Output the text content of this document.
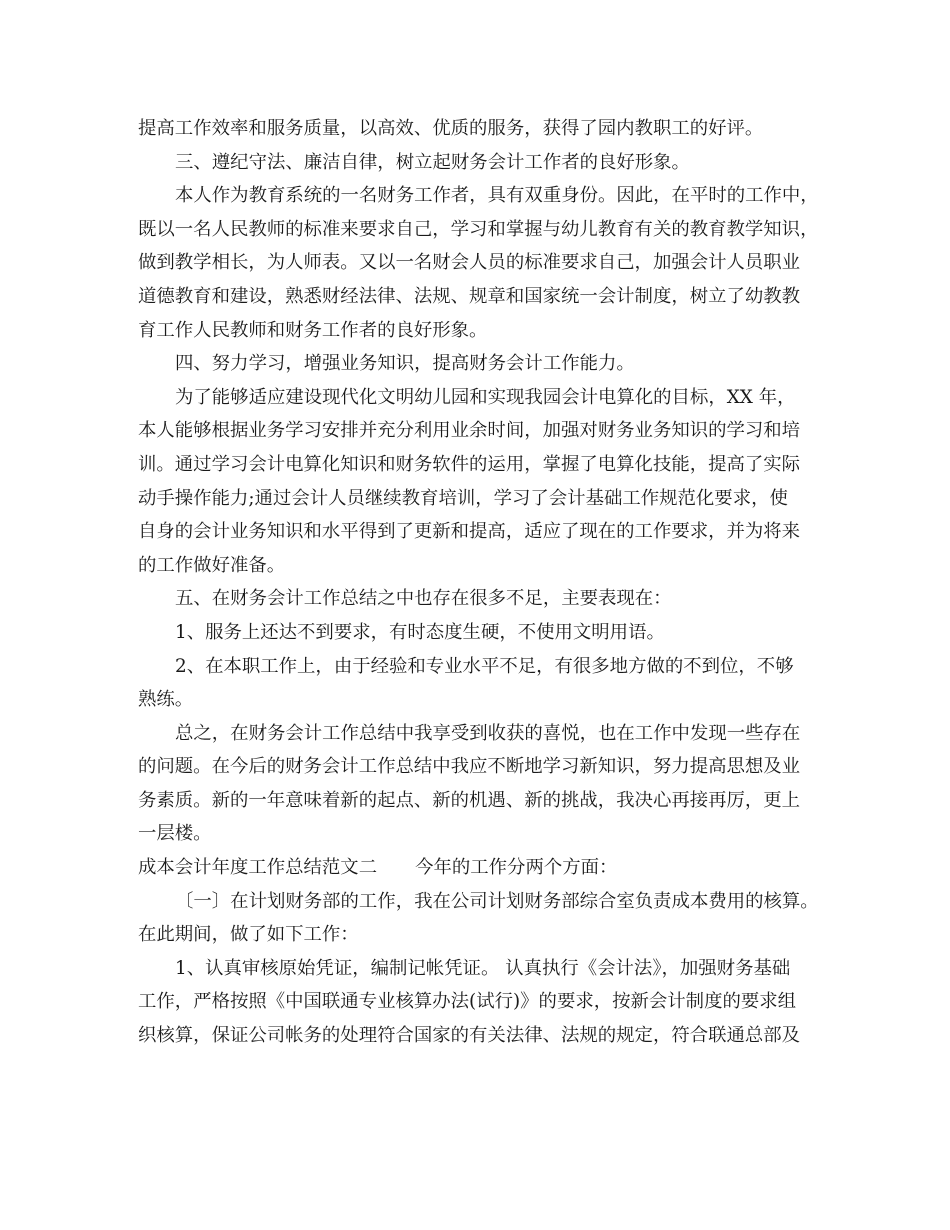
提高工作效率和服务质量，以高效、优质的服务，获得了园内教职工的好评。
三、遵纪守法、廉洁自律，树立起财务会计工作者的良好形象。
本人作为教育系统的一名财务工作者，具有双重身份。因此，在平时的工作中，
既以一名人民教师的标准来要求自己，学习和掌握与幼儿教育有关的教育教学知识，
做到教学相长，为人师表。又以一名财会人员的标准要求自己，加强会计人员职业
道德教育和建设，熟悉财经法律、法规、规章和国家统一会计制度，树立了幼教教
育工作人民教师和财务工作者的良好形象。
四、努力学习，增强业务知识，提高财务会计工作能力。
为了能够适应建设现代化文明幼儿园和实现我园会计电算化的目标，XX 年，
本人能够根据业务学习安排并充分利用业余时间，加强对财务业务知识的学习和培
训。通过学习会计电算化知识和财务软件的运用，掌握了电算化技能，提高了实际
动手操作能力;通过会计人员继续教育培训，学习了会计基础工作规范化要求，使
自身的会计业务知识和水平得到了更新和提高，适应了现在的工作要求，并为将来
的工作做好准备。
五、在财务会计工作总结之中也存在很多不足，主要表现在：
1、服务上还达不到要求，有时态度生硬，不使用文明用语。
2、在本职工作上，由于经验和专业水平不足，有很多地方做的不到位，不够
熟练。
总之，在财务会计工作总结中我享受到收获的喜悦，也在工作中发现一些存在
的问题。在今后的财务会计工作总结中我应不断地学习新知识，努力提高思想及业
务素质。新的一年意味着新的起点、新的机遇、新的挑战，我决心再接再厉，更上
一层楼。
成本会计年度工作总结范文二 今年的工作分两个方面：
〔一〕在计划财务部的工作，我在公司计划财务部综合室负责成本费用的核算。
在此期间，做了如下工作：
1、认真审核原始凭证，编制记帐凭证。 认真执行《会计法》，加强财务基础
工作，严格按照《中国联通专业核算办法(试行)》的要求，按新会计制度的要求组
织核算，保证公司帐务的处理符合国家的有关法律、法规的规定，符合联通总部及
